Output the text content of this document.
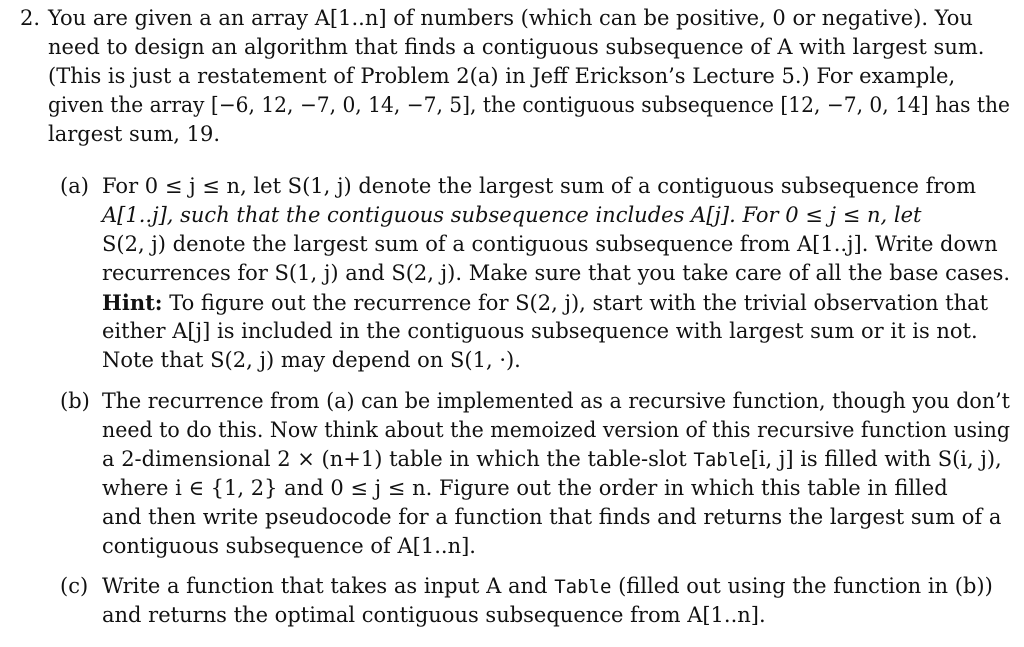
2. You are given a an array A[1..n] of numbers (which can be positive, 0 or negative). You
need to design an algorithm that finds a contiguous subsequence of A with largest sum.
(This is just a restatement of Problem 2(a) in Jeff Erickson’s Lecture 5.) For example,
given the array [−6, 12, −7, 0, 14, −7, 5], the contiguous subsequence [12, −7, 0, 14] has the
largest sum, 19.
(a) For 0 ≤ j ≤ n, let S(1, j) denote the largest sum of a contiguous subsequence from
A[1..j], such that the contiguous subsequence includes A[j]. For 0 ≤ j ≤ n, let
S(2, j) denote the largest sum of a contiguous subsequence from A[1..j]. Write down
recurrences for S(1, j) and S(2, j). Make sure that you take care of all the base cases.
Hint: To figure out the recurrence for S(2, j), start with the trivial observation that
either A[j] is included in the contiguous subsequence with largest sum or it is not.
Note that S(2, j) may depend on S(1, ·).
(b) The recurrence from (a) can be implemented as a recursive function, though you don’t
need to do this. Now think about the memoized version of this recursive function using
a 2-dimensional 2 × (n+1) table in which the table-slot Table[i, j] is filled with S(i, j),
where i ∈ {1, 2} and 0 ≤ j ≤ n. Figure out the order in which this table in filled
and then write pseudocode for a function that finds and returns the largest sum of a
contiguous subsequence of A[1..n].
(c) Write a function that takes as input A and Table (filled out using the function in (b))
and returns the optimal contiguous subsequence from A[1..n].
